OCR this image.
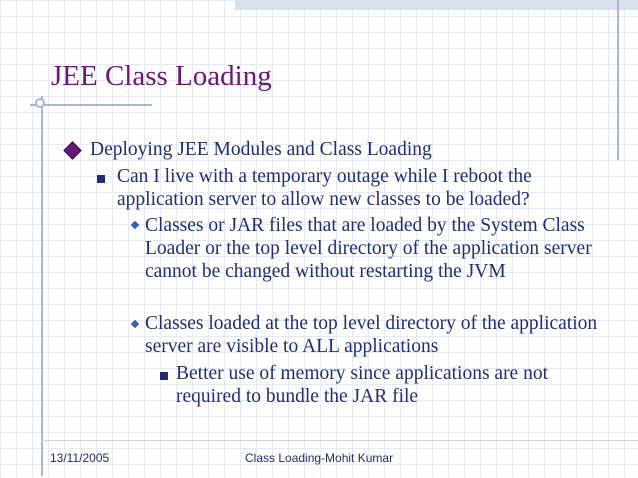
JEE Class Loading
Deploying JEE Modules and Class Loading
Can I live with a temporary outage while I reboot the application server to allow new classes to be loaded?
Classes or JAR files that are loaded by the System Class Loader or the top level directory of the application server cannot be changed without restarting the JVM
Classes loaded at the top level directory of the application server are visible to ALL applications
Better use of memory since applications are not required to bundle the JAR file
13/11/2005	Class Loading-Mohit Kumar
